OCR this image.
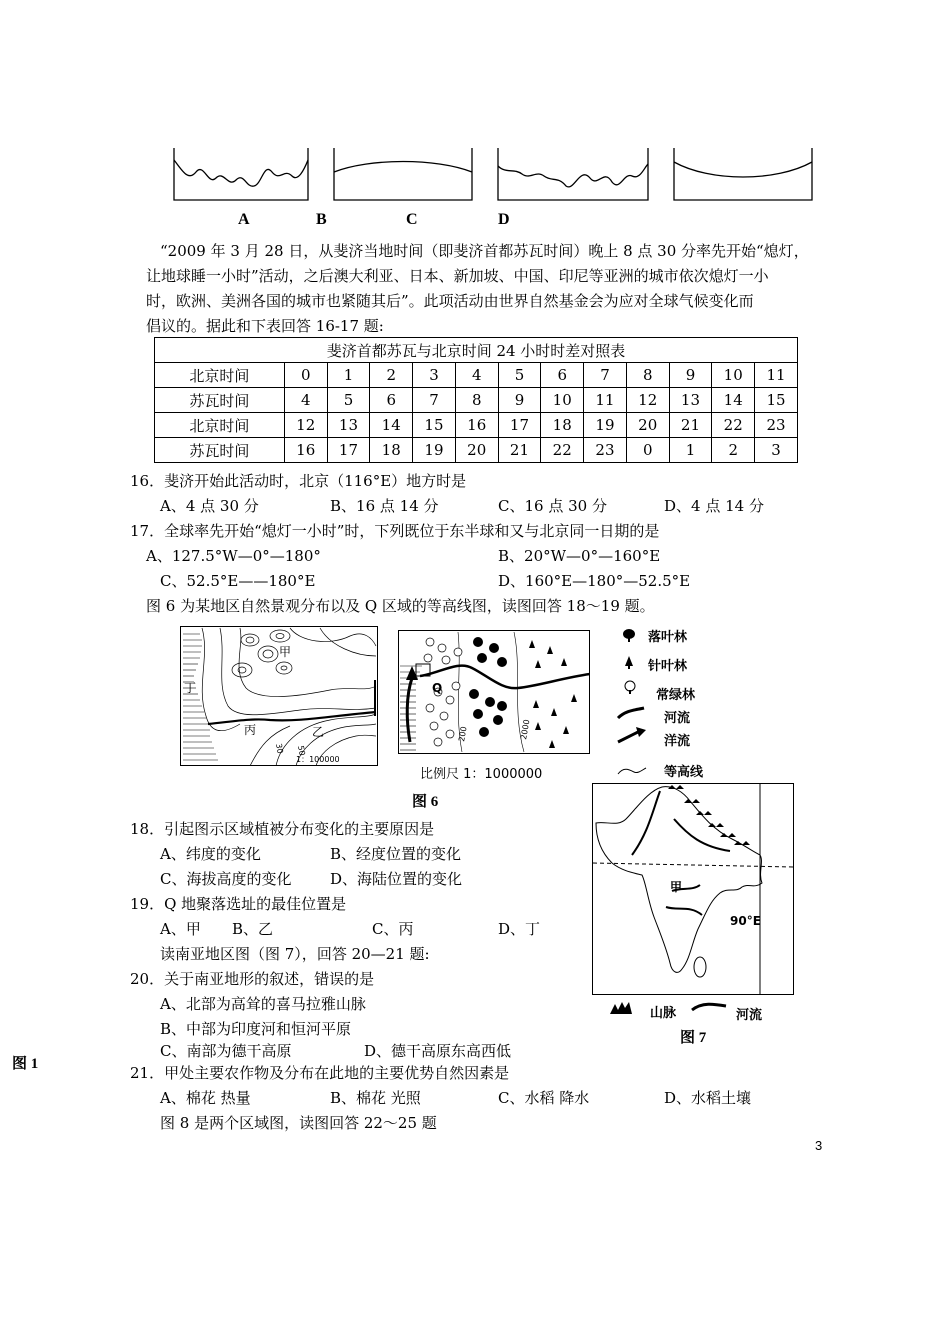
A	B	C	D
“2009 年 3 月 28 日，从斐济当地时间（即斐济首都苏瓦时间）晚上 8 点 30 分率先开始“熄灯，
让地球睡一小时”活动，之后澳大利亚、日本、新加坡、中国、印尼等亚洲的城市依次熄灯一小
时，欧洲、美洲各国的城市也紧随其后”。此项活动由世界自然基金会为应对全球气候变化而
倡议的。据此和下表回答 16-17 题:
斐济首都苏瓦与北京时间 24 小时时差对照表												
北京时间	0	1	2	3	4	5	6	7	8	9	10	11
苏瓦时间	4	5	6	7	8	9	10	11	12	13	14	15
北京时间	12	13	14	15	16	17	18	19	20	21	22	23
苏瓦时间	16	17	18	19	20	21	22	23	0	1	2	3
16．斐济开始此活动时，北京（116°E）地方时是
A、4 点 30 分	B、16 点 14 分	C、16 点 30 分	D、4 点 14 分
17．全球率先开始“熄灯一小时”时，下列既位于东半球和又与北京同一日期的是
A、127.5°W—0°—180°	B、20°W—0°—160°E
C、52.5°E——180°E	D、160°E—180°—52.5°E
图 6 为某地区自然景观分布以及 Q 区域的等高线图，读图回答 18～19 题。
甲
乙
丙
丁
50
30
1：100000
Q
200	2000
比例尺 1：1000000
落叶林
针叶林
常绿林
河流
洋流
等高线
图 6
甲
90°E
山脉	河流
图 7
18．引起图示区域植被分布变化的主要原因是
A、纬度的变化	B、经度位置的变化
C、海拔高度的变化	D、海陆位置的变化
19．Q 地聚落选址的最佳位置是
A、甲 B、乙	C、丙	D、丁
读南亚地区图（图 7），回答 20—21 题:
20．关于南亚地形的叙述，错误的是
A、北部为高耸的喜马拉雅山脉
B、中部为印度河和恒河平原
C、南部为德干高原	D、德干高原东高西低
图 1	21．甲处主要农作物及分布在此地的主要优势自然因素是
A、棉花 热量	B、棉花 光照	C、水稻 降水	D、水稻土壤
图 8 是两个区域图，读图回答 22～25 题
3
